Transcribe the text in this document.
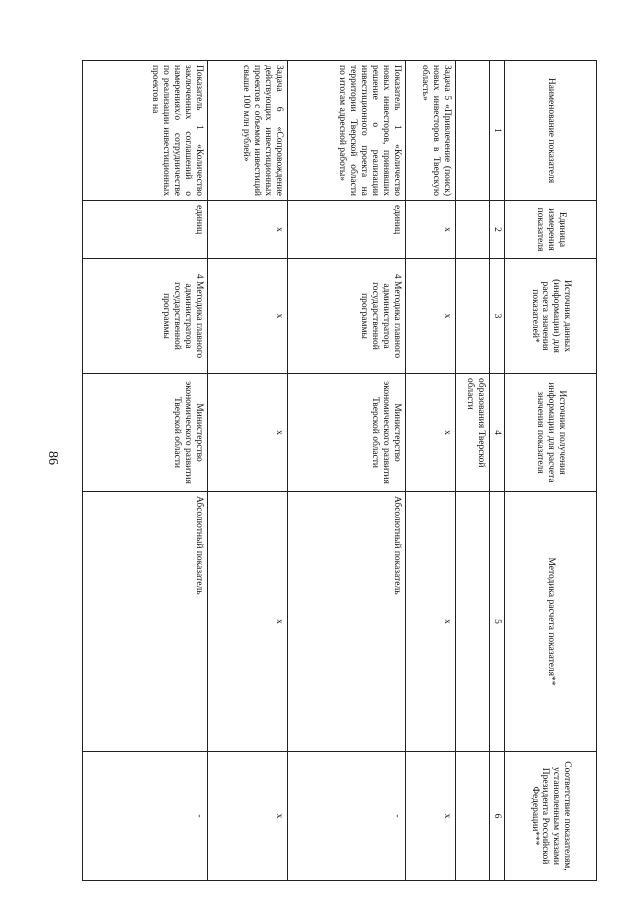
86
Наименование показателя	Единица измерения показателя	Источник данных (информации) для расчета значения показателей*	Источник получения информации для расчета значения показателя	Методика расчета показателя**	Соответствие показателям, установленным указами Президента Российской Федерации***
1	2	3	4	5	6
			образования Тверской области		
Задача 5 «Привлечение (поиск) новых инвесторов в Тверскую область»	х	х	х	х	х
Показатель 1 «Количество новых инвесторов, принявших решение о реализации инвестиционного проекта на территории Тверской области по итогам адресной работы»	единиц	4 Методика главного администратора государственной программы	Министерство экономического развития Тверской области	Абсолютный показатель	-
Задача 6 «Сопровождение действующих инвестиционных проектов с объемом инвестиций свыше 100 млн рублей»	х	х	х	х	х
Показатель 1 «Количество заключенных соглашений о намерениях/о сотрудничестве по реализации инвестиционных проектов на	единиц	4 Методика главного администратора государственной программы	Министерство экономического развития Тверской области	Абсолютный показатель	-
